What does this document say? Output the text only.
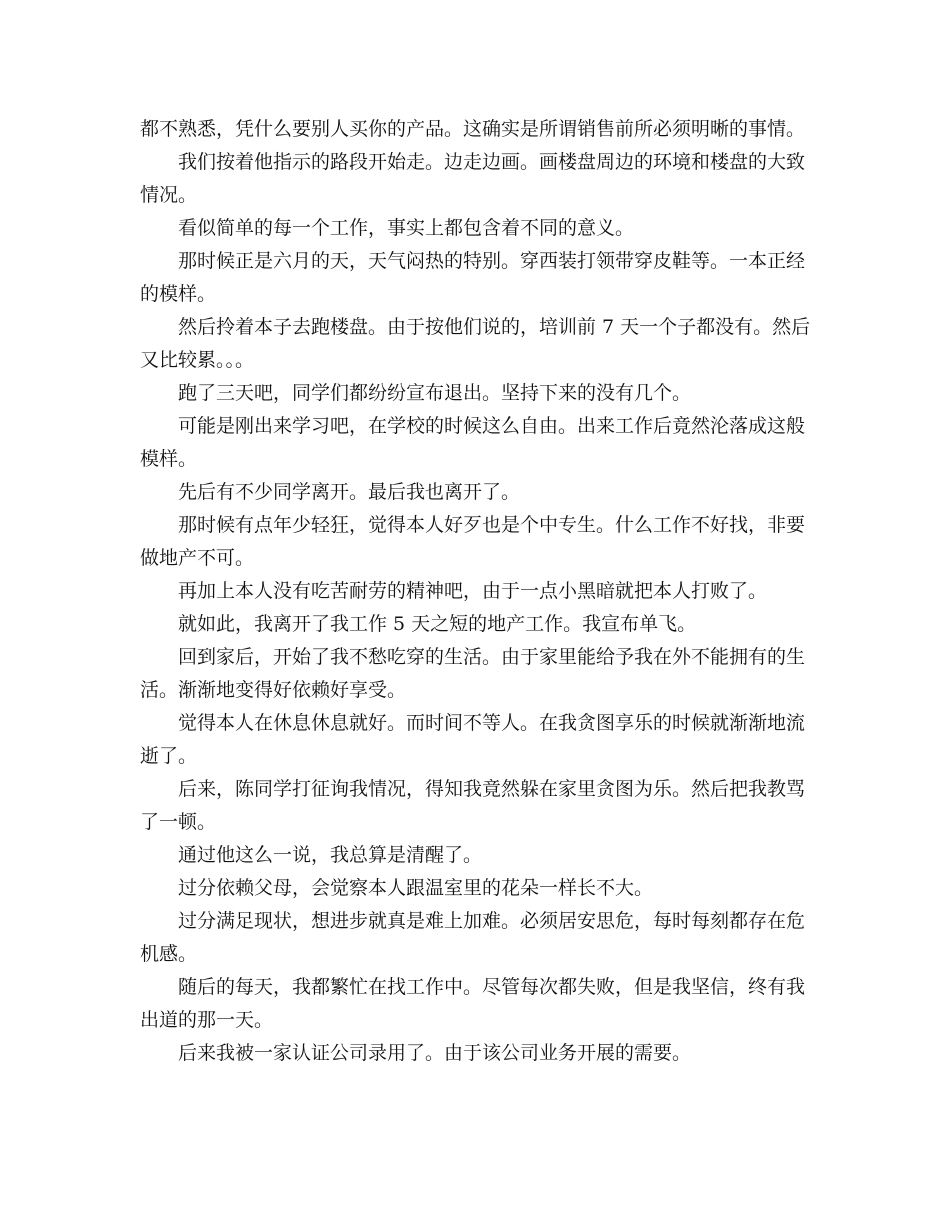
都不熟悉，凭什么要别人买你的产品。这确实是所谓销售前所必须明晰的事情。

我们按着他指示的路段开始走。边走边画。画楼盘周边的环境和楼盘的大致情况。

看似简单的每一个工作，事实上都包含着不同的意义。

那时候正是六月的天，天气闷热的特别。穿西装打领带穿皮鞋等。一本正经的模样。

然后拎着本子去跑楼盘。由于按他们说的，培训前 7 天一个子都没有。然后又比较累。。。

跑了三天吧，同学们都纷纷宣布退出。坚持下来的没有几个。

可能是刚出来学习吧，在学校的时候这么自由。出来工作后竟然沦落成这般模样。

先后有不少同学离开。最后我也离开了。

那时候有点年少轻狂，觉得本人好歹也是个中专生。什么工作不好找，非要做地产不可。

再加上本人没有吃苦耐劳的精神吧，由于一点小黑暗就把本人打败了。

就如此，我离开了我工作 5 天之短的地产工作。我宣布单飞。

回到家后，开始了我不愁吃穿的生活。由于家里能给予我在外不能拥有的生活。渐渐地变得好依赖好享受。

觉得本人在休息休息就好。而时间不等人。在我贪图享乐的时候就渐渐地流逝了。

后来，陈同学打征询我情况，得知我竟然躲在家里贪图为乐。然后把我教骂了一顿。

通过他这么一说，我总算是清醒了。

过分依赖父母，会觉察本人跟温室里的花朵一样长不大。

过分满足现状，想进步就真是难上加难。必须居安思危，每时每刻都存在危机感。

随后的每天，我都繁忙在找工作中。尽管每次都失败，但是我坚信，终有我出道的那一天。

后来我被一家认证公司录用了。由于该公司业务开展的需要。
